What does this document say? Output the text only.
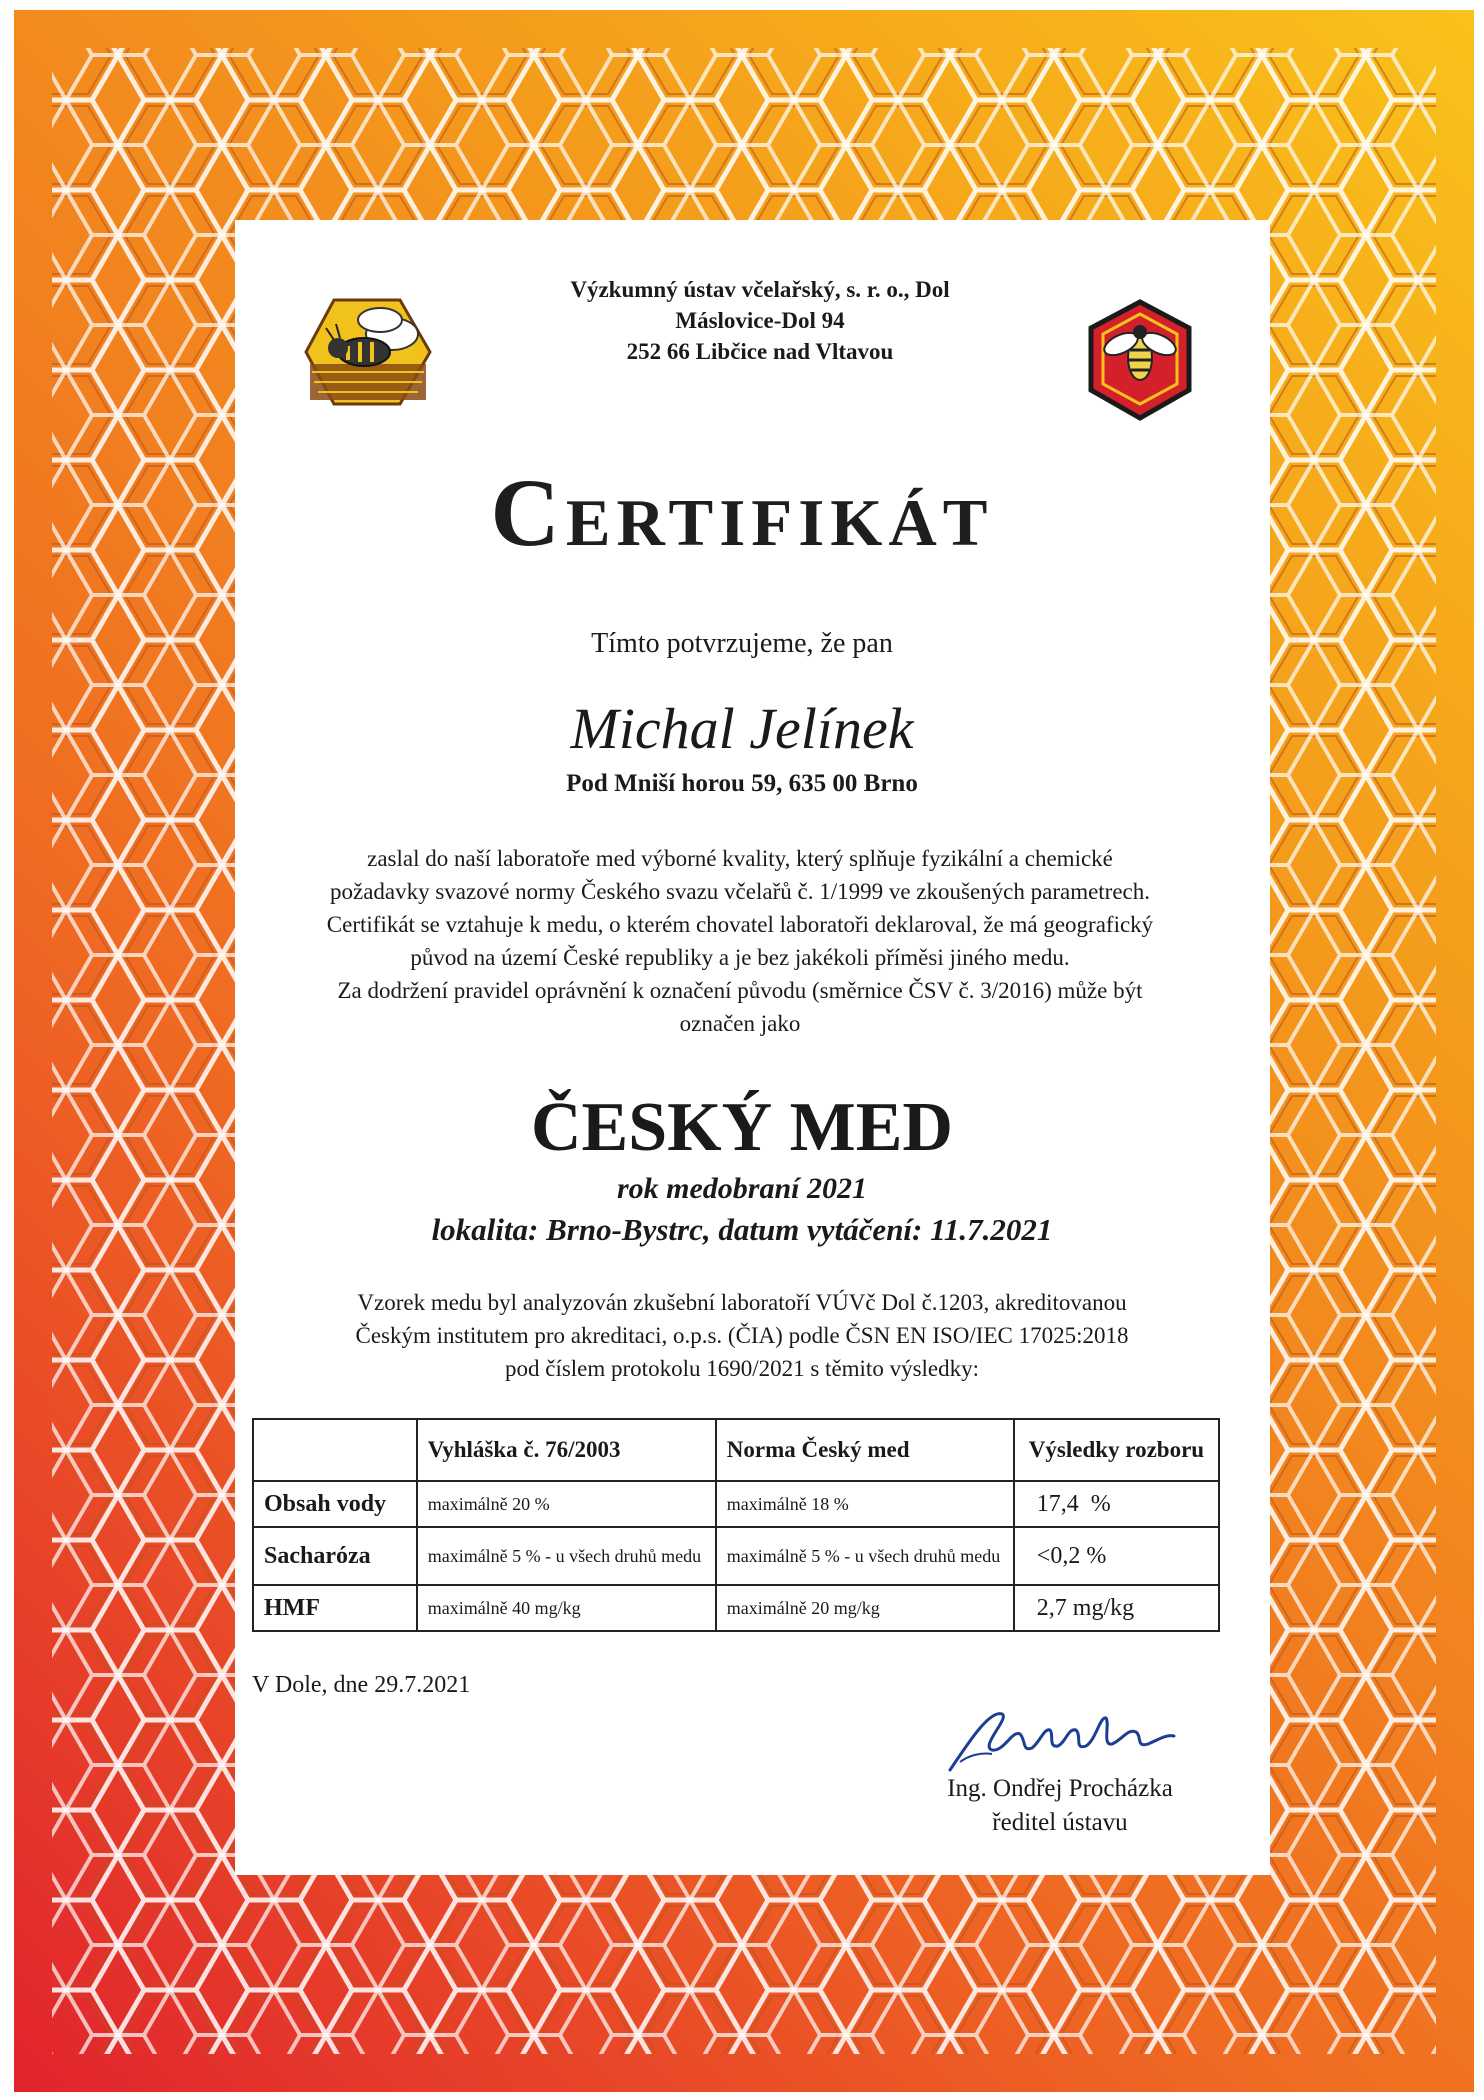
Výzkumný ústav včelařský, s. r. o., Dol
Máslovice-Dol 94
252 66 Libčice nad Vltavou
Certifikát
Tímto potvrzujeme, že pan
Michal Jelínek
Pod Mniší horou 59, 635 00 Brno
zaslal do naší laboratoře med výborné kvality, který splňuje fyzikální a chemické
požadavky svazové normy Českého svazu včelařů č. 1/1999 ve zkoušených parametrech.
Certifikát se vztahuje k medu, o kterém chovatel laboratoři deklaroval, že má geografický
původ na území České republiky a je bez jakékoli příměsi jiného medu.
Za dodržení pravidel oprávnění k označení původu (směrnice ČSV č. 3/2016) může být
označen jako
ČESKÝ MED
rok medobraní 2021
lokalita: Brno-Bystrc, datum vytáčení: 11.7.2021
Vzorek medu byl analyzován zkušební laboratoří VÚVč Dol č.1203, akreditovanou
Českým institutem pro akreditaci, o.p.s. (ČIA) podle ČSN EN ISO/IEC 17025:2018
pod číslem protokolu 1690/2021 s těmito výsledky:
	Vyhláška č. 76/2003	Norma Český med	Výsledky rozboru
Obsah vody	maximálně 20 %	maximálně 18 %	17,4  %
Sacharóza	maximálně 5 % - u všech druhů medu	maximálně 5 % - u všech druhů medu	<0,2 %
HMF	maximálně 40 mg/kg	maximálně 20 mg/kg	2,7 mg/kg
V Dole, dne 29.7.2021
Ing. Ondřej Procházka
ředitel ústavu
